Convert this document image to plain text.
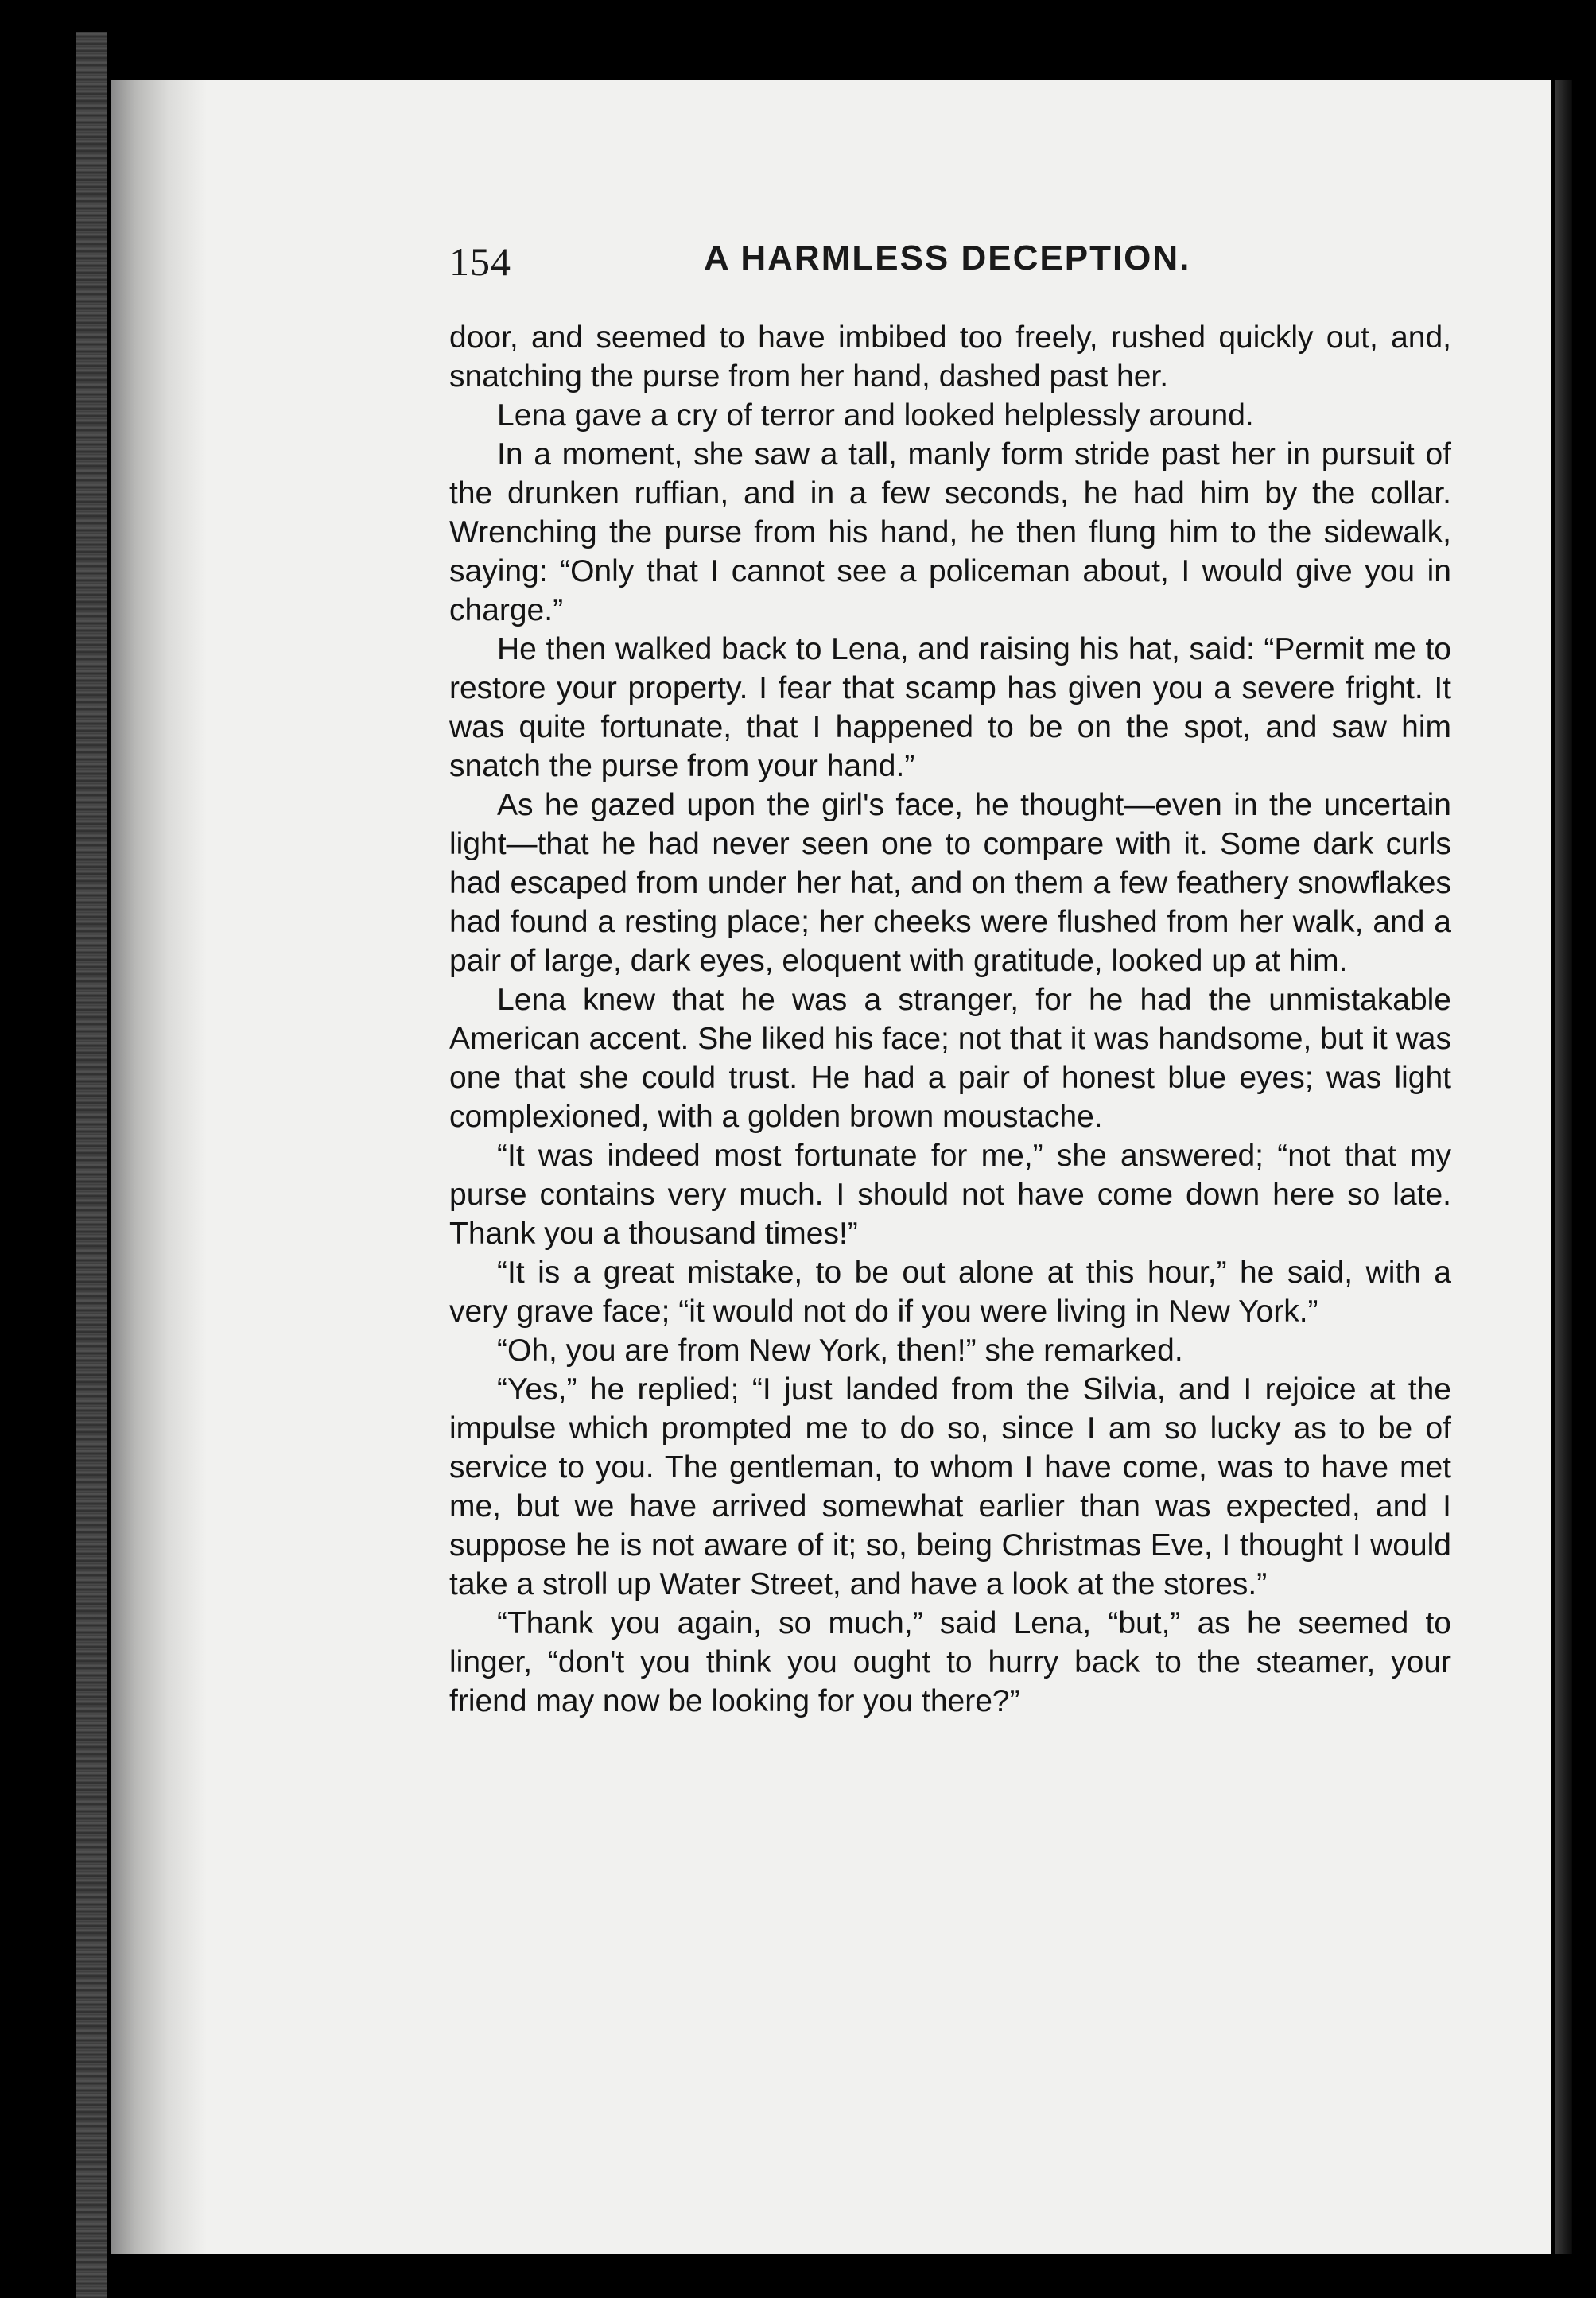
154	A HARMLESS DECEPTION.

door, and seemed to have imbibed too freely, rushed quickly out, and, snatching the purse from her hand, dashed past her.

Lena gave a cry of terror and looked helplessly around.

In a moment, she saw a tall, manly form stride past her in pursuit of the drunken ruffian, and in a few seconds, he had him by the collar. Wrenching the purse from his hand, he then flung him to the sidewalk, saying: “Only that I cannot see a policeman about, I would give you in charge.”

He then walked back to Lena, and raising his hat, said: “Permit me to restore your property. I fear that scamp has given you a severe fright. It was quite fortunate, that I happened to be on the spot, and saw him snatch the purse from your hand.”

As he gazed upon the girl's face, he thought—even in the uncertain light—that he had never seen one to compare with it. Some dark curls had escaped from under her hat, and on them a few feathery snowflakes had found a resting place; her cheeks were flushed from her walk, and a pair of large, dark eyes, eloquent with gratitude, looked up at him.

Lena knew that he was a stranger, for he had the unmistakable American accent. She liked his face; not that it was handsome, but it was one that she could trust. He had a pair of honest blue eyes; was light complexioned, with a golden brown moustache.

“It was indeed most fortunate for me,” she answered; “not that my purse contains very much. I should not have come down here so late. Thank you a thousand times!”

“It is a great mistake, to be out alone at this hour,” he said, with a very grave face; “it would not do if you were living in New York.”

“Oh, you are from New York, then!” she remarked.

“Yes,” he replied; “I just landed from the Silvia, and I rejoice at the impulse which prompted me to do so, since I am so lucky as to be of service to you. The gentleman, to whom I have come, was to have met me, but we have arrived somewhat earlier than was expected, and I suppose he is not aware of it; so, being Christmas Eve, I thought I would take a stroll up Water Street, and have a look at the stores.”

“Thank you again, so much,” said Lena, “but,” as he seemed to linger, “don't you think you ought to hurry back to the steamer, your friend may now be looking for you there?”
